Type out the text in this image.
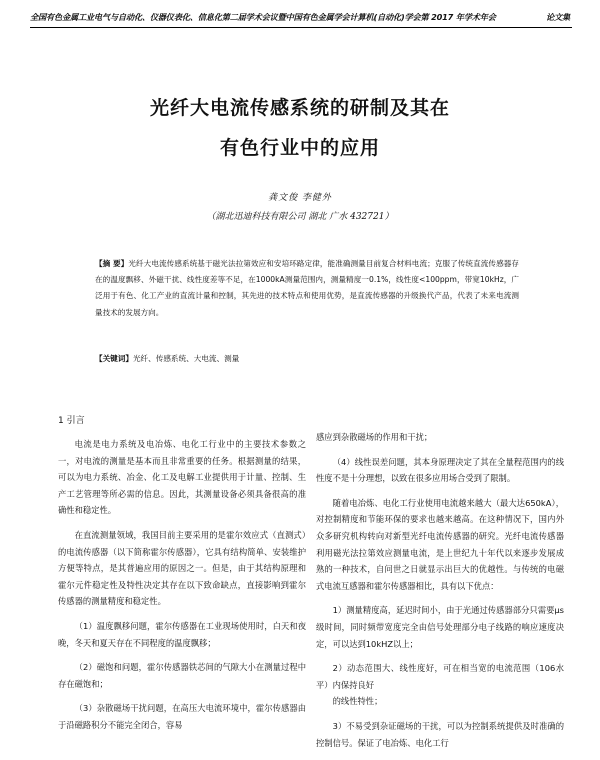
全国有色金属工业电气与自动化、仪器仪表化、信息化第二届学术会议暨中国有色金属学会计算机(自动化)学会第 2017 年学术年会	论文集
光纤大电流传感系统的研制及其在
有色行业中的应用
龚文俊 李健外
（湖北迅迪科技有限公司 湖北 广水 432721）
【摘 要】光纤大电流传感系统基于磁光法拉第效应和安培环路定律，能准确测量目前复合材料电流；克服了传统直流传感器存在的温度飘移、外磁干扰、线性度差等不足，在1000kA测量范围内，测量精度一0.1%，线性度<100ppm，带宽10kHz，广泛用于有色、化工产业的直流计量和控制，其先进的技术特点和使用优势，是直流传感器的升级换代产品，代表了未来电流测量技术的发展方向。
【关键词】光纤、传感系统、大电流、测量
1 引言

电流是电力系统及电冶炼、电化工行业中的主要技术参数之一，对电流的测量是基本而且非常重要的任务。根据测量的结果，可以为电力系统、冶金、化工及电解工业提供用于计量、控制、生产工艺管理等所必需的信息。因此，其测量设备必须具备很高的准确性和稳定性。

在直流测量领域，我国目前主要采用的是霍尔效应式（直测式）的电流传感器（以下简称霍尔传感器），它具有结构简单、安装维护方便等特点，是其普遍应用的原因之一。但是，由于其结构原理和霍尔元件稳定性及特性决定其存在以下致命缺点，直接影响到霍尔传感器的测量精度和稳定性。

（1）温度飘移问题，霍尔传感器在工业现场使用时，白天和夜晚，冬天和夏天存在不同程度的温度飘移；

（2）磁饱和问题，霍尔传感器铁芯间的气隙大小在测量过程中存在磁饱和；

（3）杂散磁场干扰问题，在高压大电流环境中，霍尔传感器由于沿磁路积分不能完全闭合，容易

感应到杂散磁场的作用和干扰；

（4）线性误差问题，其本身原理决定了其在全量程范围内的线性度不是十分理想，以致在很多应用场合受到了限制。

随着电冶炼、电化工行业使用电流越来越大（最大达650kA），对控制精度和节能环保的要求也越来越高。在这种情况下，国内外众多研究机构转向对新型光纤电流传感器的研究。光纤电流传感器利用磁光法拉第效应测量电流，是上世纪九十年代以来逐步发展成熟的一种技术，自问世之日就显示出巨大的优越性。与传统的电磁式电流互感器和霍尔传感器相比，具有以下优点：

1）测量精度高，延迟时间小，由于光通过传感器部分只需要μs级时间，同时频带宽度完全由信号处理部分电子线路的响应速度决定，可以达到10kHZ以上；

2）动态范围大、线性度好，可在相当宽的电流范围（106水平）内保持良好

的线性特性；

3）不易受到杂证磁场的干扰，可以为控制系统提供及时准确的控制信号。保证了电冶炼、电化工行
